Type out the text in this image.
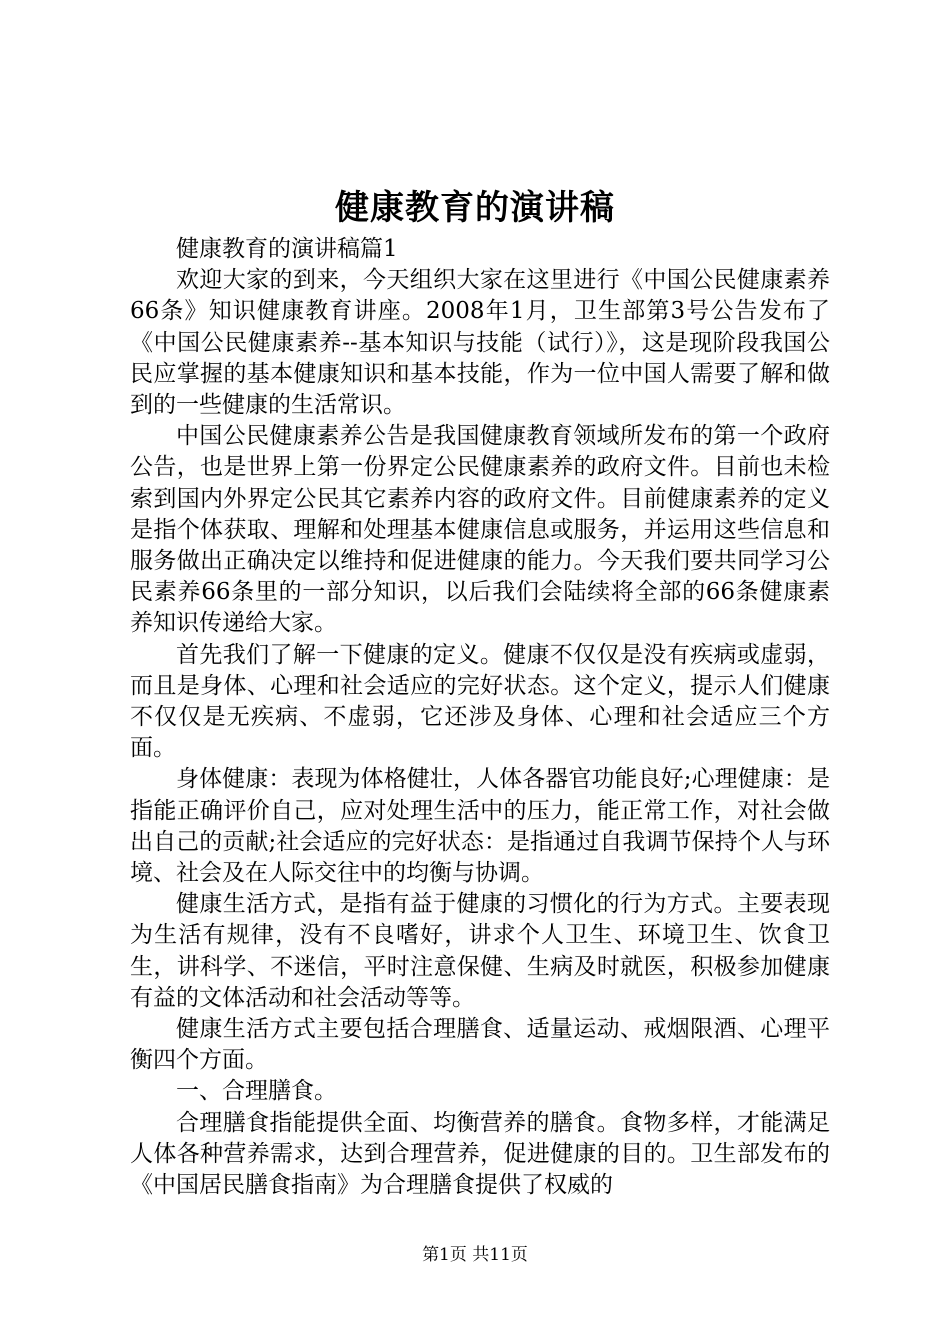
健康教育的演讲稿

健康教育的演讲稿篇1

欢迎大家的到来，今天组织大家在这里进行《中国公民健康素养66条》知识健康教育讲座。2008年1月，卫生部第3号公告发布了《中国公民健康素养--基本知识与技能（试行）》，这是现阶段我国公民应掌握的基本健康知识和基本技能，作为一位中国人需要了解和做到的一些健康的生活常识。

中国公民健康素养公告是我国健康教育领域所发布的第一个政府公告，也是世界上第一份界定公民健康素养的政府文件。目前也未检索到国内外界定公民其它素养内容的政府文件。目前健康素养的定义是指个体获取、理解和处理基本健康信息或服务，并运用这些信息和服务做出正确决定以维持和促进健康的能力。今天我们要共同学习公民素养66条里的一部分知识，以后我们会陆续将全部的66条健康素养知识传递给大家。

首先我们了解一下健康的定义。健康不仅仅是没有疾病或虚弱，而且是身体、心理和社会适应的完好状态。这个定义，提示人们健康不仅仅是无疾病、不虚弱，它还涉及身体、心理和社会适应三个方面。

身体健康：表现为体格健壮，人体各器官功能良好;心理健康：是指能正确评价自己，应对处理生活中的压力，能正常工作，对社会做出自己的贡献;社会适应的完好状态：是指通过自我调节保持个人与环境、社会及在人际交往中的均衡与协调。

健康生活方式，是指有益于健康的习惯化的行为方式。主要表现为生活有规律，没有不良嗜好，讲求个人卫生、环境卫生、饮食卫生，讲科学、不迷信，平时注意保健、生病及时就医，积极参加健康有益的文体活动和社会活动等等。

健康生活方式主要包括合理膳食、适量运动、戒烟限酒、心理平衡四个方面。

一、合理膳食。

合理膳食指能提供全面、均衡营养的膳食。食物多样，才能满足人体各种营养需求，达到合理营养，促进健康的目的。卫生部发布的《中国居民膳食指南》为合理膳食提供了权威的

第1页 共11页
